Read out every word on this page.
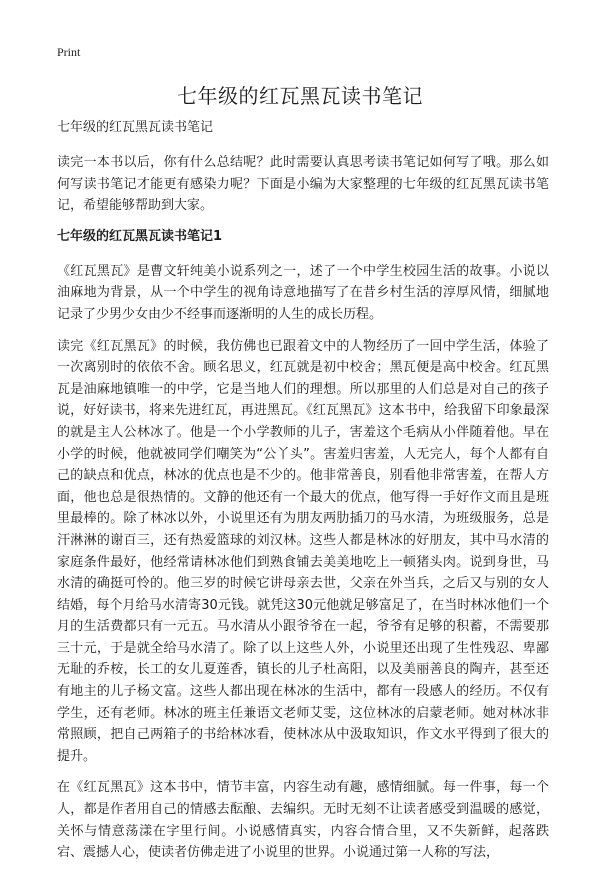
Print
七年级的红瓦黑瓦读书笔记

七年级的红瓦黑瓦读书笔记

读完一本书以后，你有什么总结呢？此时需要认真思考读书笔记如何写了哦。那么如何写读书笔记才能更有感染力呢？下面是小编为大家整理的七年级的红瓦黑瓦读书笔记，希望能够帮助到大家。

七年级的红瓦黑瓦读书笔记1

《红瓦黑瓦》是曹文轩纯美小说系列之一，述了一个中学生校园生活的故事。小说以油麻地为背景，从一个中学生的视角诗意地描写了在昔乡村生活的淳厚风情，细腻地记录了少男少女由少不经事而逐渐明的人生的成长历程。

读完《红瓦黑瓦》的时候，我仿佛也已跟着文中的人物经历了一回中学生活，体验了一次离别时的依依不舍。顾名思义，红瓦就是初中校舍；黑瓦便是高中校舍。红瓦黑瓦是油麻地镇唯一的中学，它是当地人们的理想。所以那里的人们总是对自己的孩子说，好好读书，将来先进红瓦，再进黑瓦。《红瓦黑瓦》这本书中，给我留下印象最深的就是主人公林冰了。他是一个小学教师的儿子，害羞这个毛病从小伴随着他。早在小学的时候，他就被同学们嘲笑为“公丫头”。害羞归害羞，人无完人，每个人都有自己的缺点和优点，林冰的优点也是不少的。他非常善良，别看他非常害羞，在帮人方面，他也总是很热情的。文静的他还有一个最大的优点，他写得一手好作文而且是班里最棒的。除了林冰以外，小说里还有为朋友两肋插刀的马水清，为班级服务，总是汗淋淋的谢百三，还有热爱篮球的刘汉林。这些人都是林冰的好朋友，其中马水清的家庭条件最好，他经常请林冰他们到熟食铺去美美地吃上一顿猪头肉。说到身世，马水清的确挺可怜的。他三岁的时候它讲母亲去世，父亲在外当兵，之后又与别的女人结婚，每个月给马水清寄30元钱。就凭这30元他就足够富足了，在当时林冰他们一个月的生活费都只有一元五。马水清从小跟爷爷在一起，爷爷有足够的积蓄，不需要那三十元，于是就全给马水清了。除了以上这些人外，小说里还出现了生性残忍、卑鄙无耻的乔桉，长工的女儿夏莲香，镇长的儿子杜高阳，以及美丽善良的陶卉，甚至还有地主的儿子杨文富。这些人都出现在林冰的生活中，都有一段感人的经历。不仅有学生，还有老师。林冰的班主任兼语文老师艾雯，这位林冰的启蒙老师。她对林冰非常照顾，把自己两箱子的书给林冰看，使林冰从中汲取知识，作文水平得到了很大的提升。

在《红瓦黑瓦》这本书中，情节丰富，内容生动有趣，感情细腻。每一件事，每一个人，都是作者用自己的情感去酝酿、去编织。无时无刻不让读者感受到温暖的感觉，关怀与情意荡漾在字里行间。小说感情真实，内容合情合里，又不失新鲜，起落跌宕、震撼人心，使读者仿佛走进了小说里的世界。小说通过第一人称的写法，
